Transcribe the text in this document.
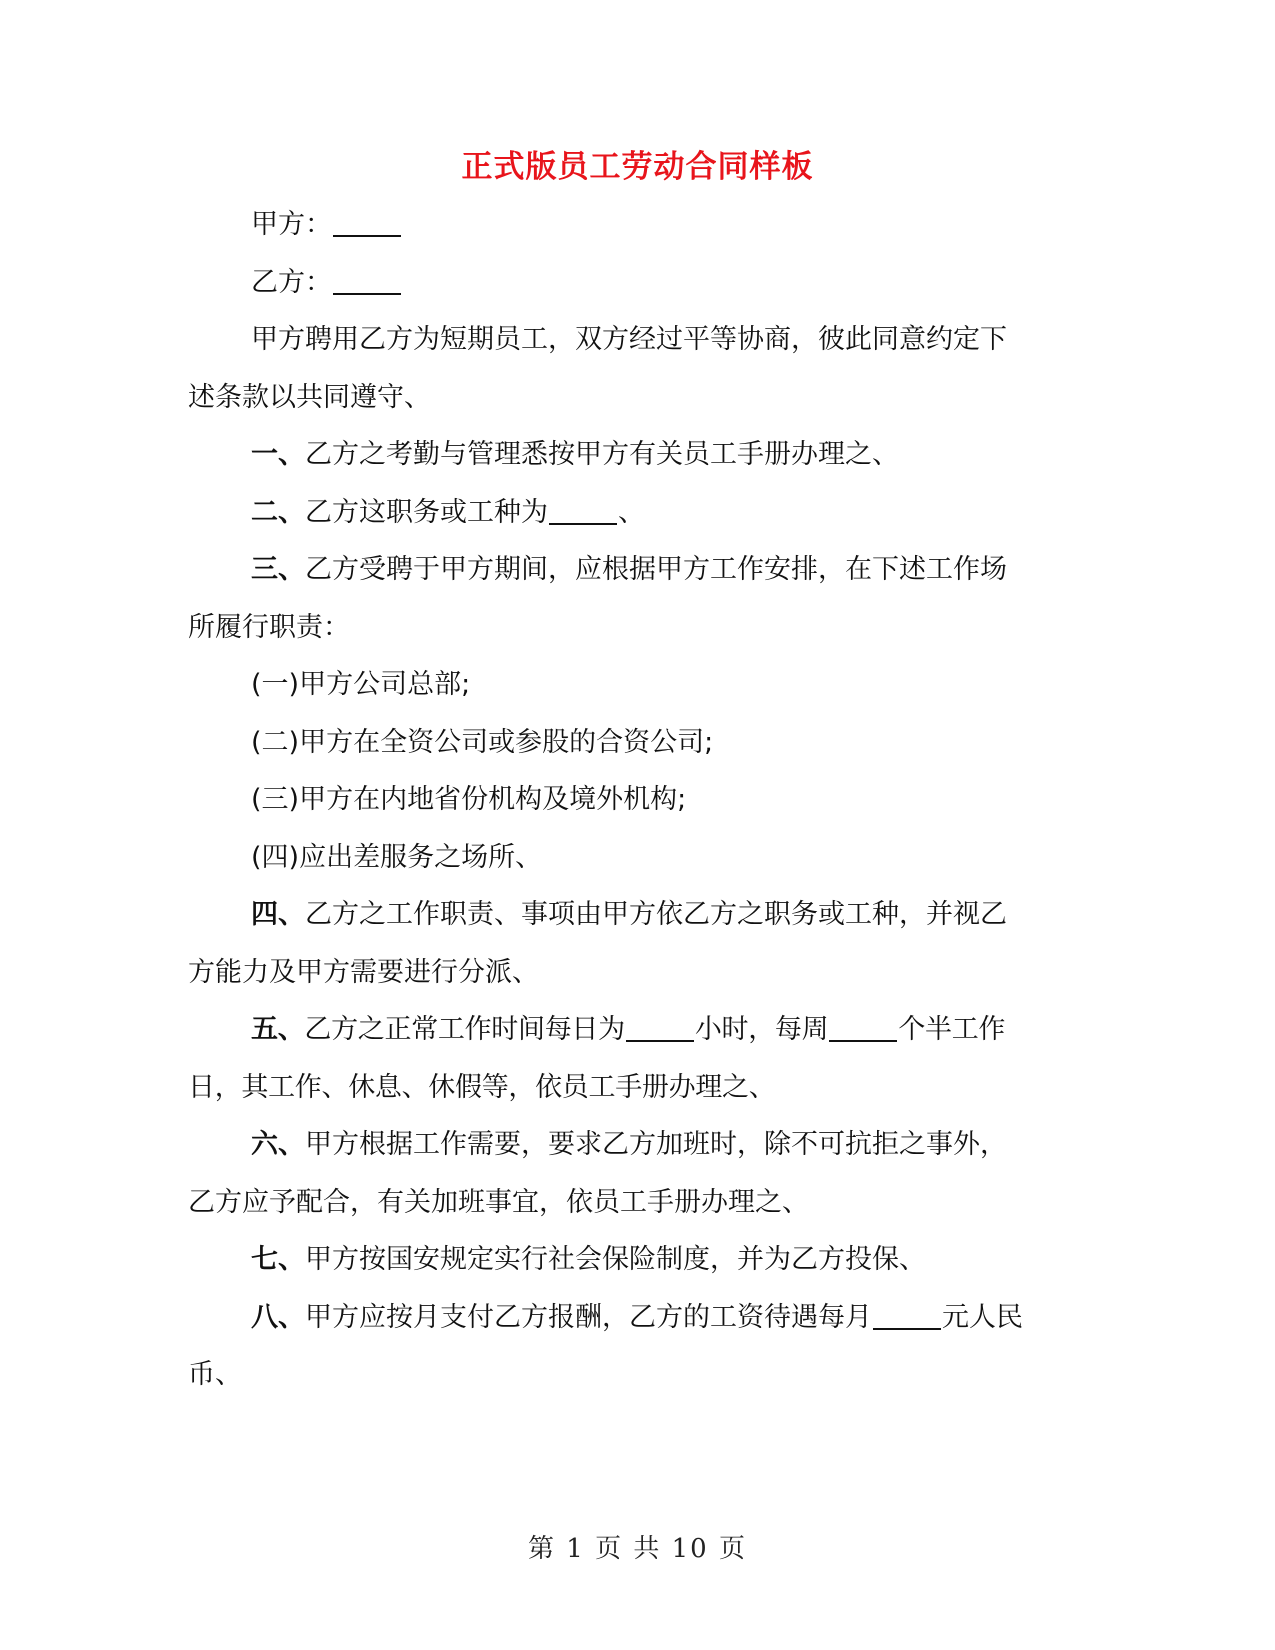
正式版员工劳动合同样板

甲方：

乙方：

甲方聘用乙方为短期员工，双方经过平等协商，彼此同意约定下
述条款以共同遵守、

一、乙方之考勤与管理悉按甲方有关员工手册办理之、

二、乙方这职务或工种为	、

三、乙方受聘于甲方期间，应根据甲方工作安排，在下述工作场
所履行职责：

(一)甲方公司总部;

(二)甲方在全资公司或参股的合资公司;

(三)甲方在内地省份机构及境外机构;

(四)应出差服务之场所、

四、乙方之工作职责、事项由甲方依乙方之职务或工种，并视乙
方能力及甲方需要进行分派、

五、乙方之正常工作时间每日为	小时，每周	个半工作
日，其工作、休息、休假等，依员工手册办理之、

六、甲方根据工作需要，要求乙方加班时，除不可抗拒之事外，
乙方应予配合，有关加班事宜，依员工手册办理之、

七、甲方按国安规定实行社会保险制度，并为乙方投保、

八、甲方应按月支付乙方报酬，乙方的工资待遇每月	元人民
币、

第 1 页 共 10 页
